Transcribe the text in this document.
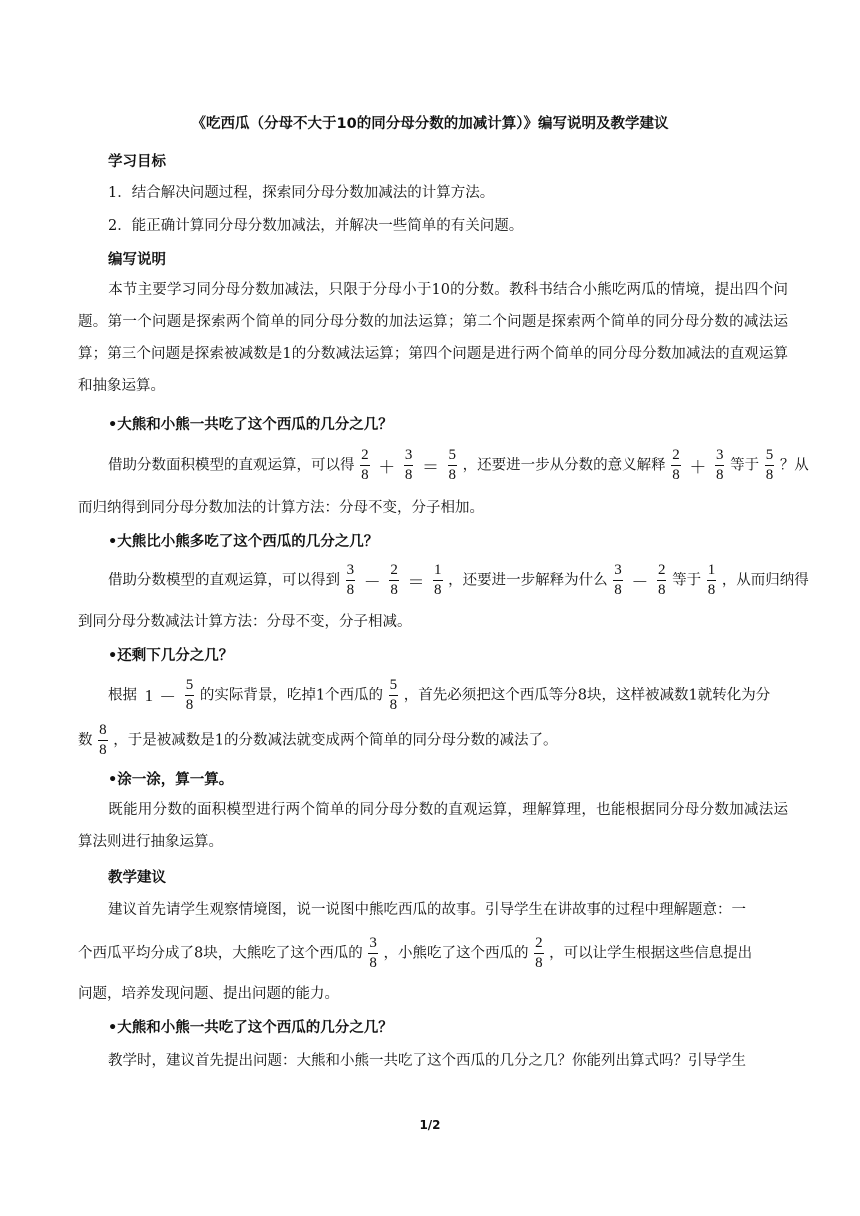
《吃西瓜（分母不大于10的同分母分数的加减计算）》编写说明及教学建议
学习目标
1．结合解决问题过程，探索同分母分数加减法的计算方法。
2．能正确计算同分母分数加减法，并解决一些简单的有关问题。
编写说明
本节主要学习同分母分数加减法，只限于分母小于10的分数。教科书结合小熊吃两瓜的情境，提出四个问题。第一个问题是探索两个简单的同分母分数的加法运算；第二个问题是探索两个简单的同分母分数的减法运算；第三个问题是探索被减数是1的分数减法运算；第四个问题是进行两个简单的同分母分数加减法的直观运算和抽象运算。
•大熊和小熊一共吃了这个西瓜的几分之几？
借助分数面积模型的直观运算，可以得 $\frac{2}{8} + \frac{3}{8} = \frac{5}{8}$ ，还要进一步从分数的意义解释 $\frac{2}{8} + \frac{3}{8}$ 等于 $\frac{5}{8}$ ？从
而归纳得到同分母分数加法的计算方法：分母不变，分子相加。
•大熊比小熊多吃了这个西瓜的几分之几？
借助分数模型的直观运算，可以得到 $\frac{3}{8} - \frac{2}{8} = \frac{1}{8}$ ，还要进一步解释为什么 $\frac{3}{8} - \frac{2}{8}$ 等于 $\frac{1}{8}$ ，从而归纳得
到同分母分数减法计算方法：分母不变，分子相减。
•还剩下几分之几？
根据 $1 - \frac{5}{8}$ 的实际背景，吃掉1个西瓜的 $\frac{5}{8}$ ，首先必须把这个西瓜等分8块，这样被减数1就转化为分
数 $\frac{8}{8}$ ，于是被减数是1的分数减法就变成两个简单的同分母分数的减法了。
•涂一涂，算一算。
既能用分数的面积模型进行两个简单的同分母分数的直观运算，理解算理，也能根据同分母分数加减法运算法则进行抽象运算。
教学建议
建议首先请学生观察情境图，说一说图中熊吃西瓜的故事。引导学生在讲故事的过程中理解题意：一
个西瓜平均分成了8块，大熊吃了这个西瓜的 $\frac{3}{8}$ ，小熊吃了这个西瓜的 $\frac{2}{8}$ ，可以让学生根据这些信息提出
问题，培养发现问题、提出问题的能力。
•大熊和小熊一共吃了这个西瓜的几分之几？
教学时，建议首先提出问题：大熊和小熊一共吃了这个西瓜的几分之几？你能列出算式吗？引导学生
1/2
